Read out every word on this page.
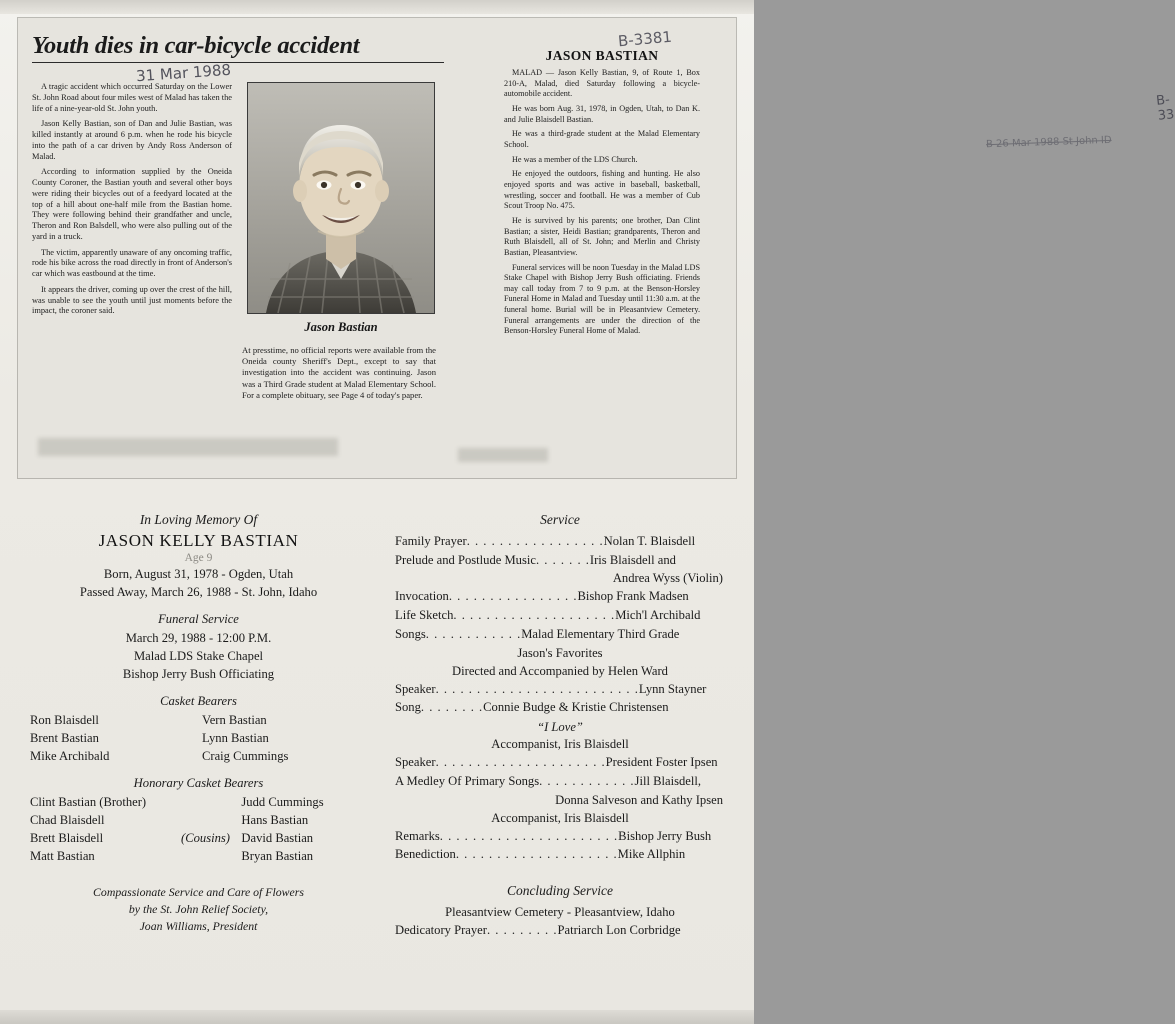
B-3381
Youth dies in car-bicycle accident
31 Mar 1988

A tragic accident which occurred Saturday on the Lower St. John Road about four miles west of Malad has taken the life of a nine-year-old St. John youth.

Jason Kelly Bastian, son of Dan and Julie Bastian, was killed instantly at around 6 p.m. when he rode his bicycle into the path of a car driven by Andy Ross Anderson of Malad.

According to information supplied by the Oneida County Coroner, the Bastian youth and several other boys were riding their bicycles out of a feedyard located at the top of a hill about one-half mile from the Bastian home. They were following behind their grandfather and uncle, Theron and Ron Balsdell, who were also pulling out of the yard in a truck.

The victim, apparently unaware of any oncoming traffic, rode his bike across the road directly in front of Anderson's car which was eastbound at the time.

It appears the driver, coming up over the crest of the hill, was unable to see the youth until just moments before the impact, the coroner said.

Jason Bastian
At presstime, no official reports were available from the Oneida county Sheriff's Dept., except to say that investigation into the accident was continuing. Jason was a Third Grade student at Malad Elementary School. For a complete obituary, see Page 4 of today's paper.
JASON BASTIAN
B-33
B 26 Mar 1988 St John ID

MALAD — Jason Kelly Bastian, 9, of Route 1, Box 210-A, Malad, died Saturday following a bicycle-automobile accident.

He was born Aug. 31, 1978, in Ogden, Utah, to Dan K. and Julie Blaisdell Bastian.

He was a third-grade student at the Malad Elementary School.

He was a member of the LDS Church.

He enjoyed the outdoors, fishing and hunting. He also enjoyed sports and was active in baseball, basketball, wrestling, soccer and football. He was a member of Cub Scout Troop No. 475.

He is survived by his parents; one brother, Dan Clint Bastian; a sister, Heidi Bastian; grandparents, Theron and Ruth Blaisdell, all of St. John; and Merlin and Christy Bastian, Pleasantview.

Funeral services will be noon Tuesday in the Malad LDS Stake Chapel with Bishop Jerry Bush officiating. Friends may call today from 7 to 9 p.m. at the Benson-Horsley Funeral Home in Malad and Tuesday until 11:30 a.m. at the funeral home. Burial will be in Pleasantview Cemetery. Funeral arrangements are under the direction of the Benson-Horsley Funeral Home of Malad.

In Loving Memory Of
JASON KELLY BASTIAN
Age 9
Born, August 31, 1978 - Ogden, Utah
Passed Away, March 26, 1988 - St. John, Idaho
Funeral Service
March 29, 1988 - 12:00 P.M.
Malad LDS Stake Chapel
Bishop Jerry Bush Officiating
Casket Bearers
Ron Blaisdell	Vern Bastian
Brent Bastian	Lynn Bastian
Mike Archibald	Craig Cummings
Honorary Casket Bearers
Clint Bastian (Brother)	Judd Cummings
Chad Blaisdell	Hans Bastian
Brett Blaisdell	(Cousins) David Bastian
Matt Bastian	Bryan Bastian
Compassionate Service and Care of Flowers
by the St. John Relief Society,
Joan Williams, President
Service
Family Prayer. . . . . . . . . . . . . . . . .Nolan T. Blaisdell
Prelude and Postlude Music. . . . . . .Iris Blaisdell and
Andrea Wyss (Violin)
Invocation. . . . . . . . . . . . . . . .Bishop Frank Madsen
Life Sketch. . . . . . . . . . . . . . . . . . . .Mich'l Archibald
Songs. . . . . . . . . . . .Malad Elementary Third Grade
Jason's Favorites
Directed and Accompanied by Helen Ward
Speaker. . . . . . . . . . . . . . . . . . . . . . . . .Lynn Stayner
Song. . . . . . . .Connie Budge & Kristie Christensen
“I Love”
Accompanist, Iris Blaisdell
Speaker. . . . . . . . . . . . . . . . . . . . .President Foster Ipsen
A Medley Of Primary Songs. . . . . . . . . . . .Jill Blaisdell,
Donna Salveson and Kathy Ipsen
Accompanist, Iris Blaisdell
Remarks. . . . . . . . . . . . . . . . . . . . . .Bishop Jerry Bush
Benediction. . . . . . . . . . . . . . . . . . . .Mike Allphin
Concluding Service
Pleasantview Cemetery - Pleasantview, Idaho
Dedicatory Prayer. . . . . . . . .Patriarch Lon Corbridge
